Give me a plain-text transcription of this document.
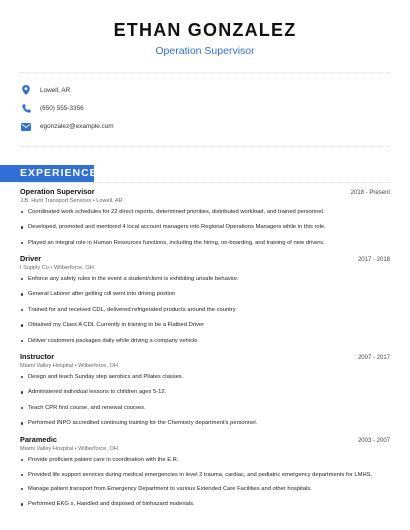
ETHAN GONZALEZ
Operation Supervisor
Lowell, AR
(650) 555-3356
egonzalez@example.com
EXPERIENCE
Operation Supervisor	2018 - Present
J.B. Hunt Transport Services • Lowell, AR
Coordinated work schedules for 22 direct reports, determined priorities, distributed workload, and trained personnel.
Developed, promoted and mentored 4 local account managers into Regional Operations Managers while in this role.
Played an integral role in Human Resources functions, including the hiring, on-boarding, and training of new drivers.
Driver	2017 - 2018
I Supply Co • Wilberforce, OH
Enforce any safety rules in the event a student/client is exhibiting unsafe behavior.
General Laborer after getting cdl went into driving postion
Trained for and received CDL, delivered refrigerated products around the country
Obtained my Class A CDL Currently in training to be a Flatbed Driver
Deliver customers packages daily while driving a company vehicle.
Instructor	2007 - 2017
Miami Valley Hospital • Wilberforce, OH
Design and teach Sunday step aerobics and Pilates classes.
Administered individual lessons to children ages 5-12.
Teach CPR first course, and renewal courses.
Performed INPO accredited continuing training for the Chemistry department's personnel.
Paramedic	2003 - 2007
Miami Valley Hospital • Wilberforce, OH
Provide proficient patient care in coordination with the E.R.
Provided life support services during medical emergencies in level 2 trauma, cardiac, and pediatric emergency departments for LMHS.
Manage patient transport from Emergency Department to various Extended Care Facilities and other hospitals.
Performed EKG s, Handled and disposed of biohazard materials.
